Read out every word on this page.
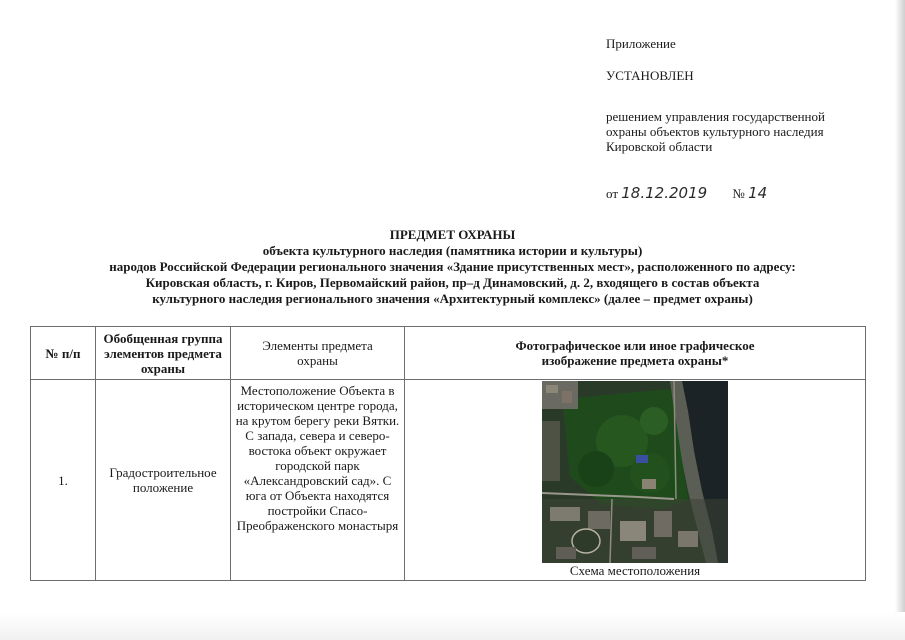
Приложение
УСТАНОВЛЕН
решением управления государственной охраны объектов культурного наследия Кировской области
от 18.12.2019 № 14
ПРЕДМЕТ ОХРАНЫ
объекта культурного наследия (памятника истории и культуры)
народов Российской Федерации регионального значения «Здание присутственных мест», расположенного по адресу:
Кировская область, г. Киров, Первомайский район, пр–д Динамовский, д. 2, входящего в состав объекта
культурного наследия регионального значения «Архитектурный комплекс» (далее – предмет охраны)
№ п/п	Обобщенная группа элементов предмета охраны	Элементы предмета охраны	Фотографическое или иное графическое изображение предмета охраны*

1.	Градостроительное положение	Местоположение Объекта в историческом центре города, на крутом берегу реки Вятки. С запада, севера и северо-востока объект окружает городской парк «Александровский сад». С юга от Объекта находятся постройки Спасо-Преображенского монастыря	Схема местоположения
